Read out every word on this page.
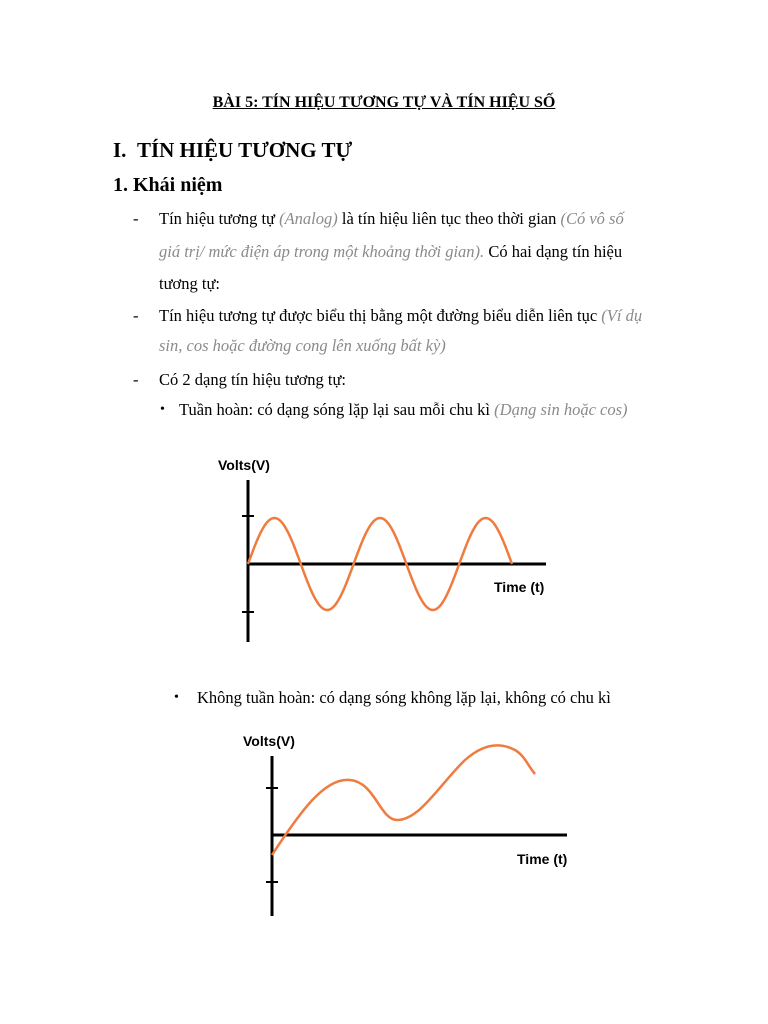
BÀI 5: TÍN HIỆU TƯƠNG TỰ VÀ TÍN HIỆU SỐ
I. TÍN HIỆU TƯƠNG TỰ
1. Khái niệm
- Tín hiệu tương tự (Analog) là tín hiệu liên tục theo thời gian (Có vô số
giá trị/ mức điện áp trong một khoảng thời gian). Có hai dạng tín hiệu
tương tự:
- Tín hiệu tương tự được biểu thị bằng một đường biểu diễn liên tục (Ví dụ
sin, cos hoặc đường cong lên xuống bất kỳ)
- Có 2 dạng tín hiệu tương tự:
• Tuần hoàn: có dạng sóng lặp lại sau mỗi chu kì (Dạng sin hoặc cos)
Volts(V)
Time (t)
• Không tuần hoàn: có dạng sóng không lặp lại, không có chu kì
Volts(V)
Time (t)
